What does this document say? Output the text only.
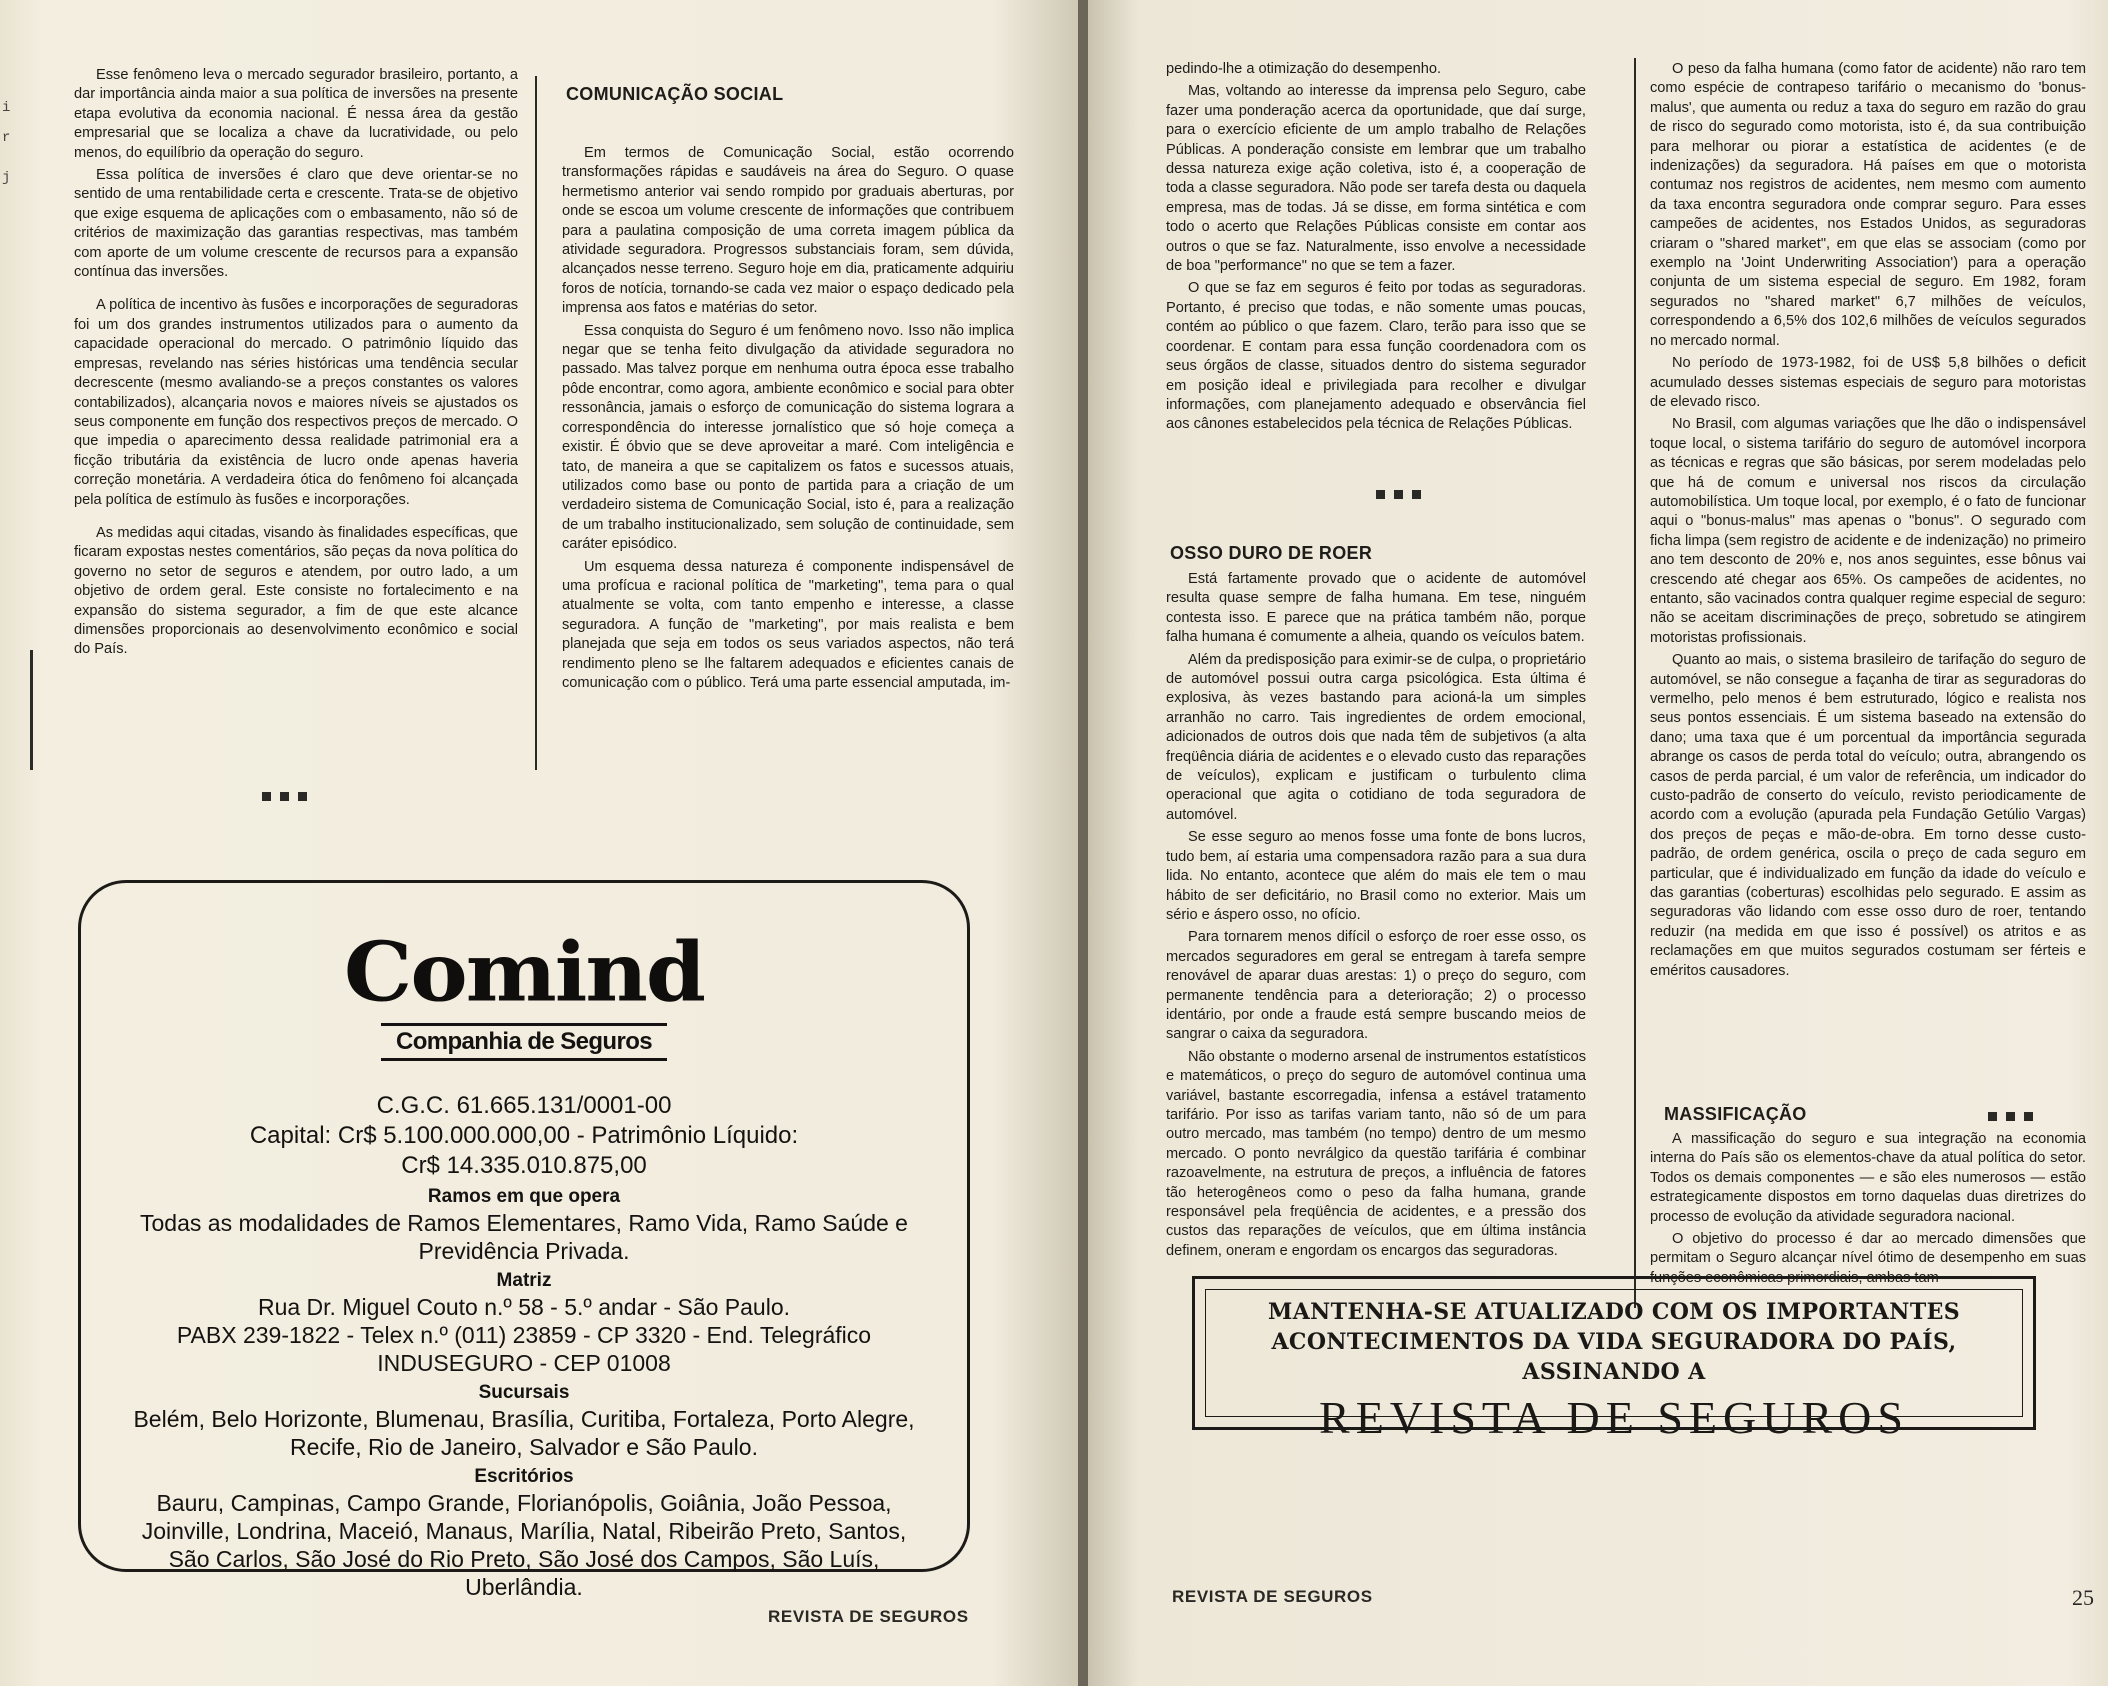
i
r
j

Esse fenômeno leva o mercado segurador brasileiro, portanto, a dar importância ainda maior a sua política de inversões na presente etapa evolutiva da economia nacional. É nessa área da gestão empresarial que se localiza a chave da lucratividade, ou pelo menos, do equilíbrio da operação do seguro.

Essa política de inversões é claro que deve orientar-se no sentido de uma rentabilidade certa e crescente. Trata-se de objetivo que exige esquema de aplicações com o embasamento, não só de critérios de maximização das garantias respectivas, mas também com aporte de um volume crescente de recursos para a expansão contínua das inversões.

A política de incentivo às fusões e incorporações de seguradoras foi um dos grandes instrumentos utilizados para o aumento da capacidade operacional do mercado. O patrimônio líquido das empresas, revelando nas séries históricas uma tendência secular decrescente (mesmo avaliando-se a preços constantes os valores contabilizados), alcançaria novos e maiores níveis se ajustados os seus componente em função dos respectivos preços de mercado. O que impedia o aparecimento dessa realidade patrimonial era a ficção tributária da existência de lucro onde apenas haveria correção monetária. A verdadeira ótica do fenômeno foi alcançada pela política de estímulo às fusões e incorporações.

As medidas aqui citadas, visando às finalidades específicas, que ficaram expostas nestes comentários, são peças da nova política do governo no setor de seguros e atendem, por outro lado, a um objetivo de ordem geral. Este consiste no fortalecimento e na expansão do sistema segurador, a fim de que este alcance dimensões proporcionais ao desenvolvimento econômico e social do País.

COMUNICAÇÃO SOCIAL

Em termos de Comunicação Social, estão ocorrendo transformações rápidas e saudáveis na área do Seguro. O quase hermetismo anterior vai sendo rompido por graduais aberturas, por onde se escoa um volume crescente de informações que contribuem para a paulatina composição de uma correta imagem pública da atividade seguradora. Progressos substanciais foram, sem dúvida, alcançados nesse terreno. Seguro hoje em dia, praticamente adquiriu foros de notícia, tornando-se cada vez maior o espaço dedicado pela imprensa aos fatos e matérias do setor.

Essa conquista do Seguro é um fenômeno novo. Isso não implica negar que se tenha feito divulgação da atividade seguradora no passado. Mas talvez porque em nenhuma outra época esse trabalho pôde encontrar, como agora, ambiente econômico e social para obter ressonância, jamais o esforço de comunicação do sistema lograra a correspondência do interesse jornalístico que só hoje começa a existir. É óbvio que se deve aproveitar a maré. Com inteligência e tato, de maneira a que se capitalizem os fatos e sucessos atuais, utilizados como base ou ponto de partida para a criação de um verdadeiro sistema de Comunicação Social, isto é, para a realização de um trabalho institucionalizado, sem solução de continuidade, sem caráter episódico.

Um esquema dessa natureza é componente indispensável de uma profícua e racional política de "marketing", tema para o qual atualmente se volta, com tanto empenho e interesse, a classe seguradora. A função de "marketing", por mais realista e bem planejada que seja em todos os seus variados aspectos, não terá rendimento pleno se lhe faltarem adequados e eficientes canais de comunicação com o público. Terá uma parte essencial amputada, im-

Comind
Companhia de Seguros
C.G.C. 61.665.131/0001-00
Capital: Cr$ 5.100.000.000,00 - Patrimônio Líquido:
Cr$ 14.335.010.875,00
Ramos em que opera
Todas as modalidades de Ramos Elementares, Ramo Vida, Ramo Saúde e Previdência Privada.
Matriz
Rua Dr. Miguel Couto n.º 58 - 5.º andar - São Paulo.
PABX 239-1822 - Telex n.º (011) 23859 - CP 3320 - End. Telegráfico
INDUSEGURO - CEP 01008
Sucursais
Belém, Belo Horizonte, Blumenau, Brasília, Curitiba, Fortaleza, Porto Alegre, Recife, Rio de Janeiro, Salvador e São Paulo.
Escritórios
Bauru, Campinas, Campo Grande, Florianópolis, Goiânia, João Pessoa, Joinville, Londrina, Maceió, Manaus, Marília, Natal, Ribeirão Preto, Santos, São Carlos, São José do Rio Preto, São José dos Campos, São Luís, Uberlândia.
REVISTA DE SEGUROS

pedindo-lhe a otimização do desempenho.

Mas, voltando ao interesse da imprensa pelo Seguro, cabe fazer uma ponderação acerca da oportunidade, que daí surge, para o exercício eficiente de um amplo trabalho de Relações Públicas. A ponderação consiste em lembrar que um trabalho dessa natureza exige ação coletiva, isto é, a cooperação de toda a classe seguradora. Não pode ser tarefa desta ou daquela empresa, mas de todas. Já se disse, em forma sintética e com todo o acerto que Relações Públicas consiste em contar aos outros o que se faz. Naturalmente, isso envolve a necessidade de boa "performance" no que se tem a fazer.

O que se faz em seguros é feito por todas as seguradoras. Portanto, é preciso que todas, e não somente umas poucas, contém ao público o que fazem. Claro, terão para isso que se coordenar. E contam para essa função coordenadora com os seus órgãos de classe, situados dentro do sistema segurador em posição ideal e privilegiada para recolher e divulgar informações, com planejamento adequado e observância fiel aos cânones estabelecidos pela técnica de Relações Públicas.

OSSO DURO DE ROER

Está fartamente provado que o acidente de automóvel resulta quase sempre de falha humana. Em tese, ninguém contesta isso. E parece que na prática também não, porque falha humana é comumente a alheia, quando os veículos batem.

Além da predisposição para eximir-se de culpa, o proprietário de automóvel possui outra carga psicológica. Esta última é explosiva, às vezes bastando para acioná-la um simples arranhão no carro. Tais ingredientes de ordem emocional, adicionados de outros dois que nada têm de subjetivos (a alta freqüência diária de acidentes e o elevado custo das reparações de veículos), explicam e justificam o turbulento clima operacional que agita o cotidiano de toda seguradora de automóvel.

Se esse seguro ao menos fosse uma fonte de bons lucros, tudo bem, aí estaria uma compensadora razão para a sua dura lida. No entanto, acontece que além do mais ele tem o mau hábito de ser deficitário, no Brasil como no exterior. Mais um sério e áspero osso, no ofício.

Para tornarem menos difícil o esforço de roer esse osso, os mercados seguradores em geral se entregam à tarefa sempre renovável de aparar duas arestas: 1) o preço do seguro, com permanente tendência para a deterioração; 2) o processo identário, por onde a fraude está sempre buscando meios de sangrar o caixa da seguradora.

Não obstante o moderno arsenal de instrumentos estatísticos e matemáticos, o preço do seguro de automóvel continua uma variável, bastante escorregadia, infensa a estável tratamento tarifário. Por isso as tarifas variam tanto, não só de um para outro mercado, mas também (no tempo) dentro de um mesmo mercado. O ponto nevrálgico da questão tarifária é combinar razoavelmente, na estrutura de preços, a influência de fatores tão heterogêneos como o peso da falha humana, grande responsável pela freqüência de acidentes, e a pressão dos custos das reparações de veículos, que em última instância definem, oneram e engordam os encargos das seguradoras.

O peso da falha humana (como fator de acidente) não raro tem como espécie de contrapeso tarifário o mecanismo do 'bonus-malus', que aumenta ou reduz a taxa do seguro em razão do grau de risco do segurado como motorista, isto é, da sua contribuição para melhorar ou piorar a estatística de acidentes (e de indenizações) da seguradora. Há países em que o motorista contumaz nos registros de acidentes, nem mesmo com aumento da taxa encontra seguradora onde comprar seguro. Para esses campeões de acidentes, nos Estados Unidos, as seguradoras criaram o "shared market", em que elas se associam (como por exemplo na 'Joint Underwriting Association') para a operação conjunta de um sistema especial de seguro. Em 1982, foram segurados no "shared market" 6,7 milhões de veículos, correspondendo a 6,5% dos 102,6 milhões de veículos segurados no mercado normal.

No período de 1973-1982, foi de US$ 5,8 bilhões o deficit acumulado desses sistemas especiais de seguro para motoristas de elevado risco.

No Brasil, com algumas variações que lhe dão o indispensável toque local, o sistema tarifário do seguro de automóvel incorpora as técnicas e regras que são básicas, por serem modeladas pelo que há de comum e universal nos riscos da circulação automobilística. Um toque local, por exemplo, é o fato de funcionar aqui o "bonus-malus" mas apenas o "bonus". O segurado com ficha limpa (sem registro de acidente e de indenização) no primeiro ano tem desconto de 20% e, nos anos seguintes, esse bônus vai crescendo até chegar aos 65%. Os campeões de acidentes, no entanto, são vacinados contra qualquer regime especial de seguro: não se aceitam discriminações de preço, sobretudo se atingirem motoristas profissionais.

Quanto ao mais, o sistema brasileiro de tarifação do seguro de automóvel, se não consegue a façanha de tirar as seguradoras do vermelho, pelo menos é bem estruturado, lógico e realista nos seus pontos essenciais. É um sistema baseado na extensão do dano; uma taxa que é um porcentual da importância segurada abrange os casos de perda total do veículo; outra, abrangendo os casos de perda parcial, é um valor de referência, um indicador do custo-padrão de conserto do veículo, revisto periodicamente de acordo com a evolução (apurada pela Fundação Getúlio Vargas) dos preços de peças e mão-de-obra. Em torno desse custo-padrão, de ordem genérica, oscila o preço de cada seguro em particular, que é individualizado em função da idade do veículo e das garantias (coberturas) escolhidas pelo segurado. E assim as seguradoras vão lidando com esse osso duro de roer, tentando reduzir (na medida em que isso é possível) os atritos e as reclamações em que muitos segurados costumam ser férteis e eméritos causadores.

MASSIFICAÇÃO

A massificação do seguro e sua integração na economia interna do País são os elementos-chave da atual política do setor. Todos os demais componentes — e são eles numerosos — estão estrategicamente dispostos em torno daquelas duas diretrizes do processo de evolução da atividade seguradora nacional.

O objetivo do processo é dar ao mercado dimensões que permitam o Seguro alcançar nível ótimo de desempenho em suas funções econômicas primordiais, ambas tam-

REVISTA DE SEGUROS	25
MANTENHA-SE ATUALIZADO COM OS IMPORTANTES
ACONTECIMENTOS DA VIDA SEGURADORA DO PAÍS,
ASSINANDO A
REVISTA DE SEGUROS
